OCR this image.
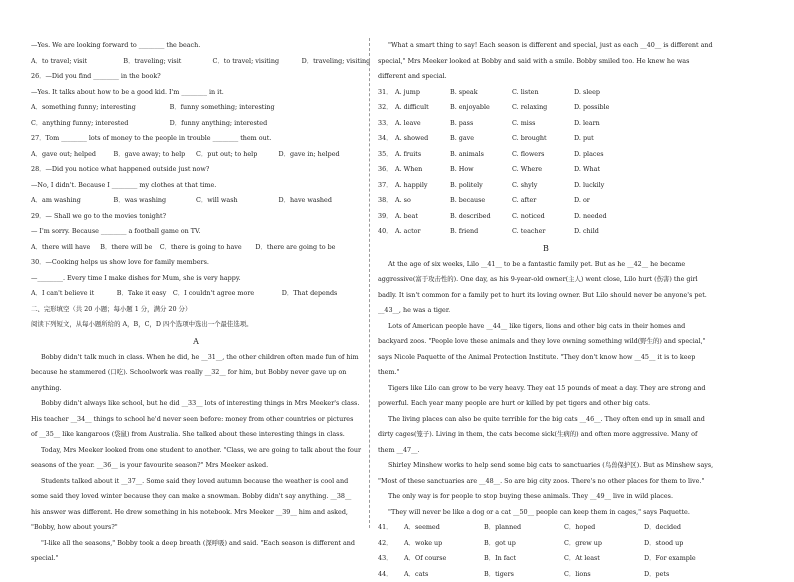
—Yes. We are looking forward to ________ the beach.
A．to travel; visit	B．traveling; visit	C．to travel; visiting	D．traveling; visiting
26．—Did you find ________ in the book?
—Yes. It talks about how to be a good kid. I'm ________ in it.
A．something funny; interesting	B．funny something; interesting
C．anything funny; interested	D．funny anything; interested
27．Tom ________ lots of money to the people in trouble ________ them out.
A．gave out; helped	B．gave away; to help	C．put out; to help	D．gave in; helped
28．—Did you notice what happened outside just now?
—No, I didn't. Because I ________ my clothes at that time.
A．am washing	B．was washing	C．will wash	D．have washed
29．— Shall we go to the movies tonight?
— I'm sorry. Because ________ a football game on TV.
A．there will have	B．there will be	C．there is going to have	D．there are going to be
30．—Cooking helps us show love for family members.
—________. Every time I make dishes for Mum, she is very happy.
A．I can't believe it	B．Take it easy	C．I couldn't agree more	D．That depends
二、完形填空（共 20 小题；每小题 1 分，满分 20 分）
阅读下列短文，从每小题所给的 A，B，C，D 四个选项中选出一个最佳选项。
A
Bobby didn't talk much in class. When he did, he __31__, the other children often made fun of him because he stammered (口吃). Schoolwork was really __32__ for him, but Bobby never gave up on anything.
Bobby didn't always like school, but he did __33__ lots of interesting things in Mrs Meeker's class. His teacher __34__ things to school he'd never seen before: money from other countries or pictures of __35__ like kangaroos (袋鼠) from Australia. She talked about these interesting things in class.
Today, Mrs Meeker looked from one student to another. "Class, we are going to talk about the four seasons of the year. __36__ is your favourite season?" Mrs Meeker asked.
Students talked about it __37__. Some said they loved autumn because the weather is cool and some said they loved winter because they can make a snowman. Bobby didn't say anything. __38__ his answer was different. He drew something in his notebook. Mrs Meeker __39__ him and asked, "Bobby, how about yours?"
"I-like all the seasons," Bobby took a deep breath (深呼吸) and said. "Each season is different and special."
"What a smart thing to say! Each season is different and special, just as each __40__ is different and special," Mrs Meeker looked at Bobby and said with a smile. Bobby smiled too. He knew he was different and special.
31． A. jump	B. speak	C. listen	D. sleep
32． A. difficult	B. enjoyable	C. relaxing	D. possible
33． A. leave	B. pass	C. miss	D. learn
34． A. showed	B. gave	C. brought	D. put
35． A. fruits	B. animals	C. flowers	D. places
36． A. When	B. How	C. Where	D. What
37． A. happily	B. politely	C. shyly	D. luckily
38． A. so	B. because	C. after	D. or
39． A. beat	B. described	C. noticed	D. needed
40． A. actor	B. friend	C. teacher	D. child
B
At the age of six weeks, Lilo __41__ to be a fantastic family pet. But as he __42__ he became aggressive(富于攻击性的). One day, as his 9-year-old owner(主人) went close, Lilo hurt (伤害) the girl badly. It isn't common for a family pet to hurt its loving owner. But Lilo should never be anyone's pet. __43__, he was a tiger.
Lots of American people have __44__ like tigers, lions and other big cats in their homes and backyard zoos. "People love these animals and they love owning something wild(野生的) and special," says Nicole Paquette of the Animal Protection Institute. "They don't know how __45__ it is to keep them."
Tigers like Lilo can grow to be very heavy. They eat 15 pounds of meat a day. They are strong and powerful. Each year many people are hurt or killed by pet tigers and other big cats.
The living places can also be quite terrible for the big cats __46__. They often end up in small and dirty cages(笼子). Living in them, the cats become sick(生病的) and often more aggressive. Many of them __47__.
Shirley Minshew works to help send some big cats to sanctuaries (鸟兽保护区). But as Minshew says, "Most of these sanctuaries are __48__. So are big city zoos. There's no other places for them to live."
The only way is for people to stop buying these animals. They __49__ live in wild places.
"They will never be like a dog or a cat __50__ people can keep them in cages," says Paquette.
41．	A．seemed	B．planned	C．hoped	D．decided
42．	A．woke up	B．got up	C．grew up	D．stood up
43．	A．Of course	B．In fact	C．At least	D．For example
44．	A．cats	B．tigers	C．lions	D．pets
